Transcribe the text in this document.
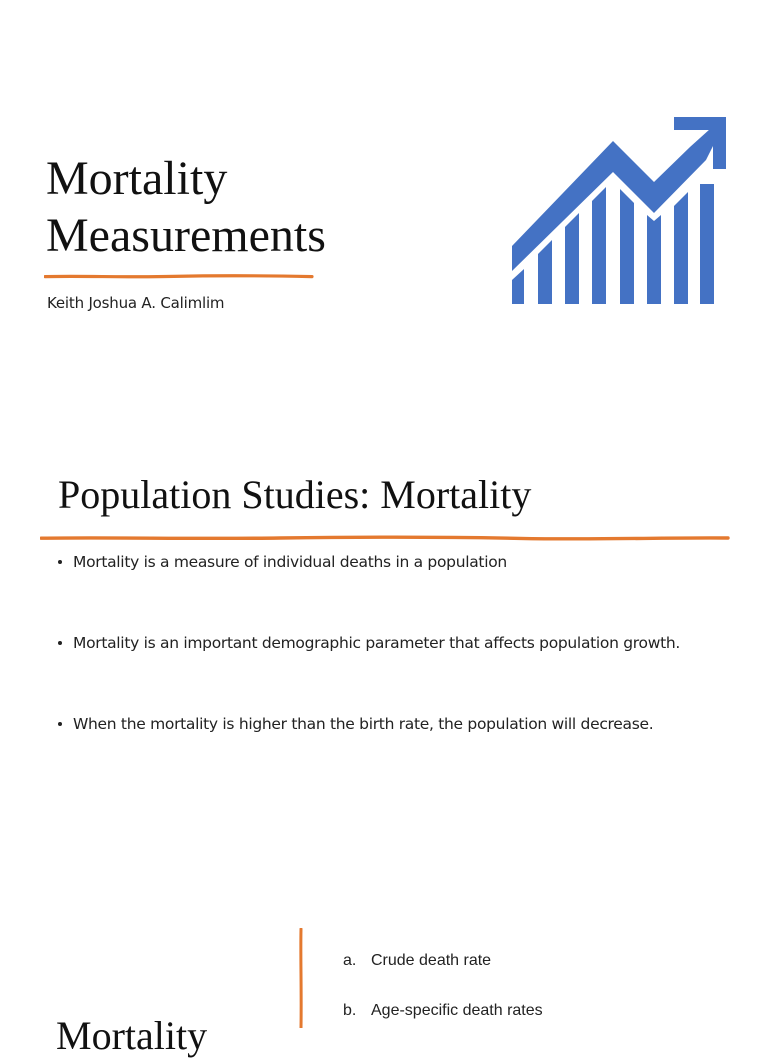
Mortality
Measurements
Keith Joshua A. Calimlim
Population Studies: Mortality
Mortality is a measure of individual deaths in a population
Mortality is an important demographic parameter that affects population growth.
When the mortality is higher than the birth rate, the population will decrease.
Mortality
a. Crude death rate
b. Age-specific death rates
